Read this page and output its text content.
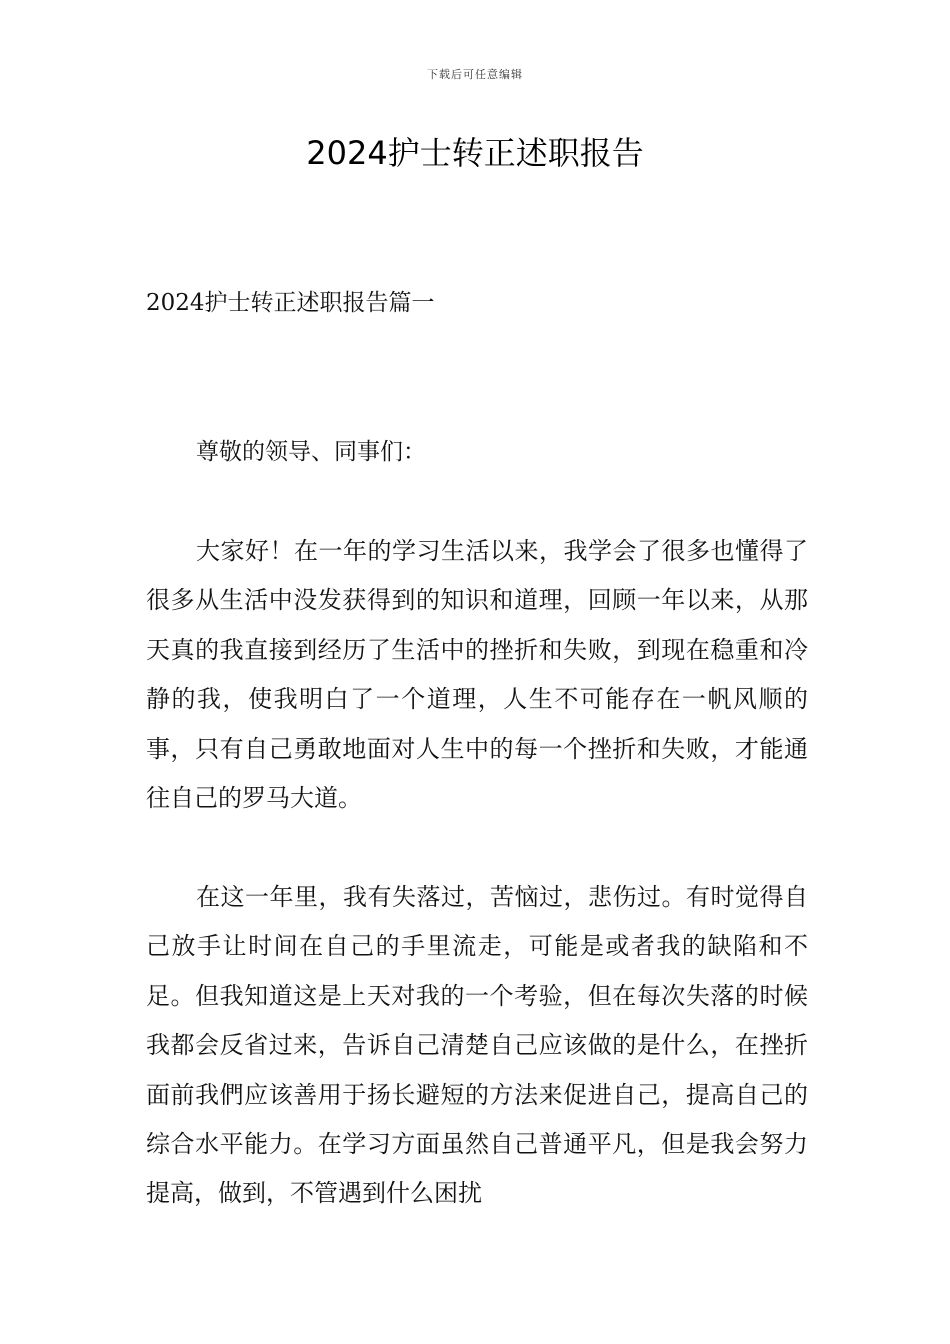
下载后可任意编辑
2024护士转正述职报告
2024护士转正述职报告篇一

尊敬的领导、同事们：

大家好！在一年的学习生活以来，我学会了很多也懂得了很多从生活中没发获得到的知识和道理，回顾一年以来，从那天真的我直接到经历了生活中的挫折和失败，到现在稳重和冷静的我，使我明白了一个道理，人生不可能存在一帆风顺的事，只有自己勇敢地面对人生中的每一个挫折和失败，才能通往自己的罗马大道。

在这一年里，我有失落过，苦恼过，悲伤过。有时觉得自己放手让时间在自己的手里流走，可能是或者我的缺陷和不足。但我知道这是上天对我的一个考验，但在每次失落的时候我都会反省过来，告诉自己清楚自己应该做的是什么，在挫折面前我們应该善用于扬长避短的方法来促进自己，提高自己的综合水平能力。在学习方面虽然自己普通平凡，但是我会努力提高，做到，不管遇到什么困扰
